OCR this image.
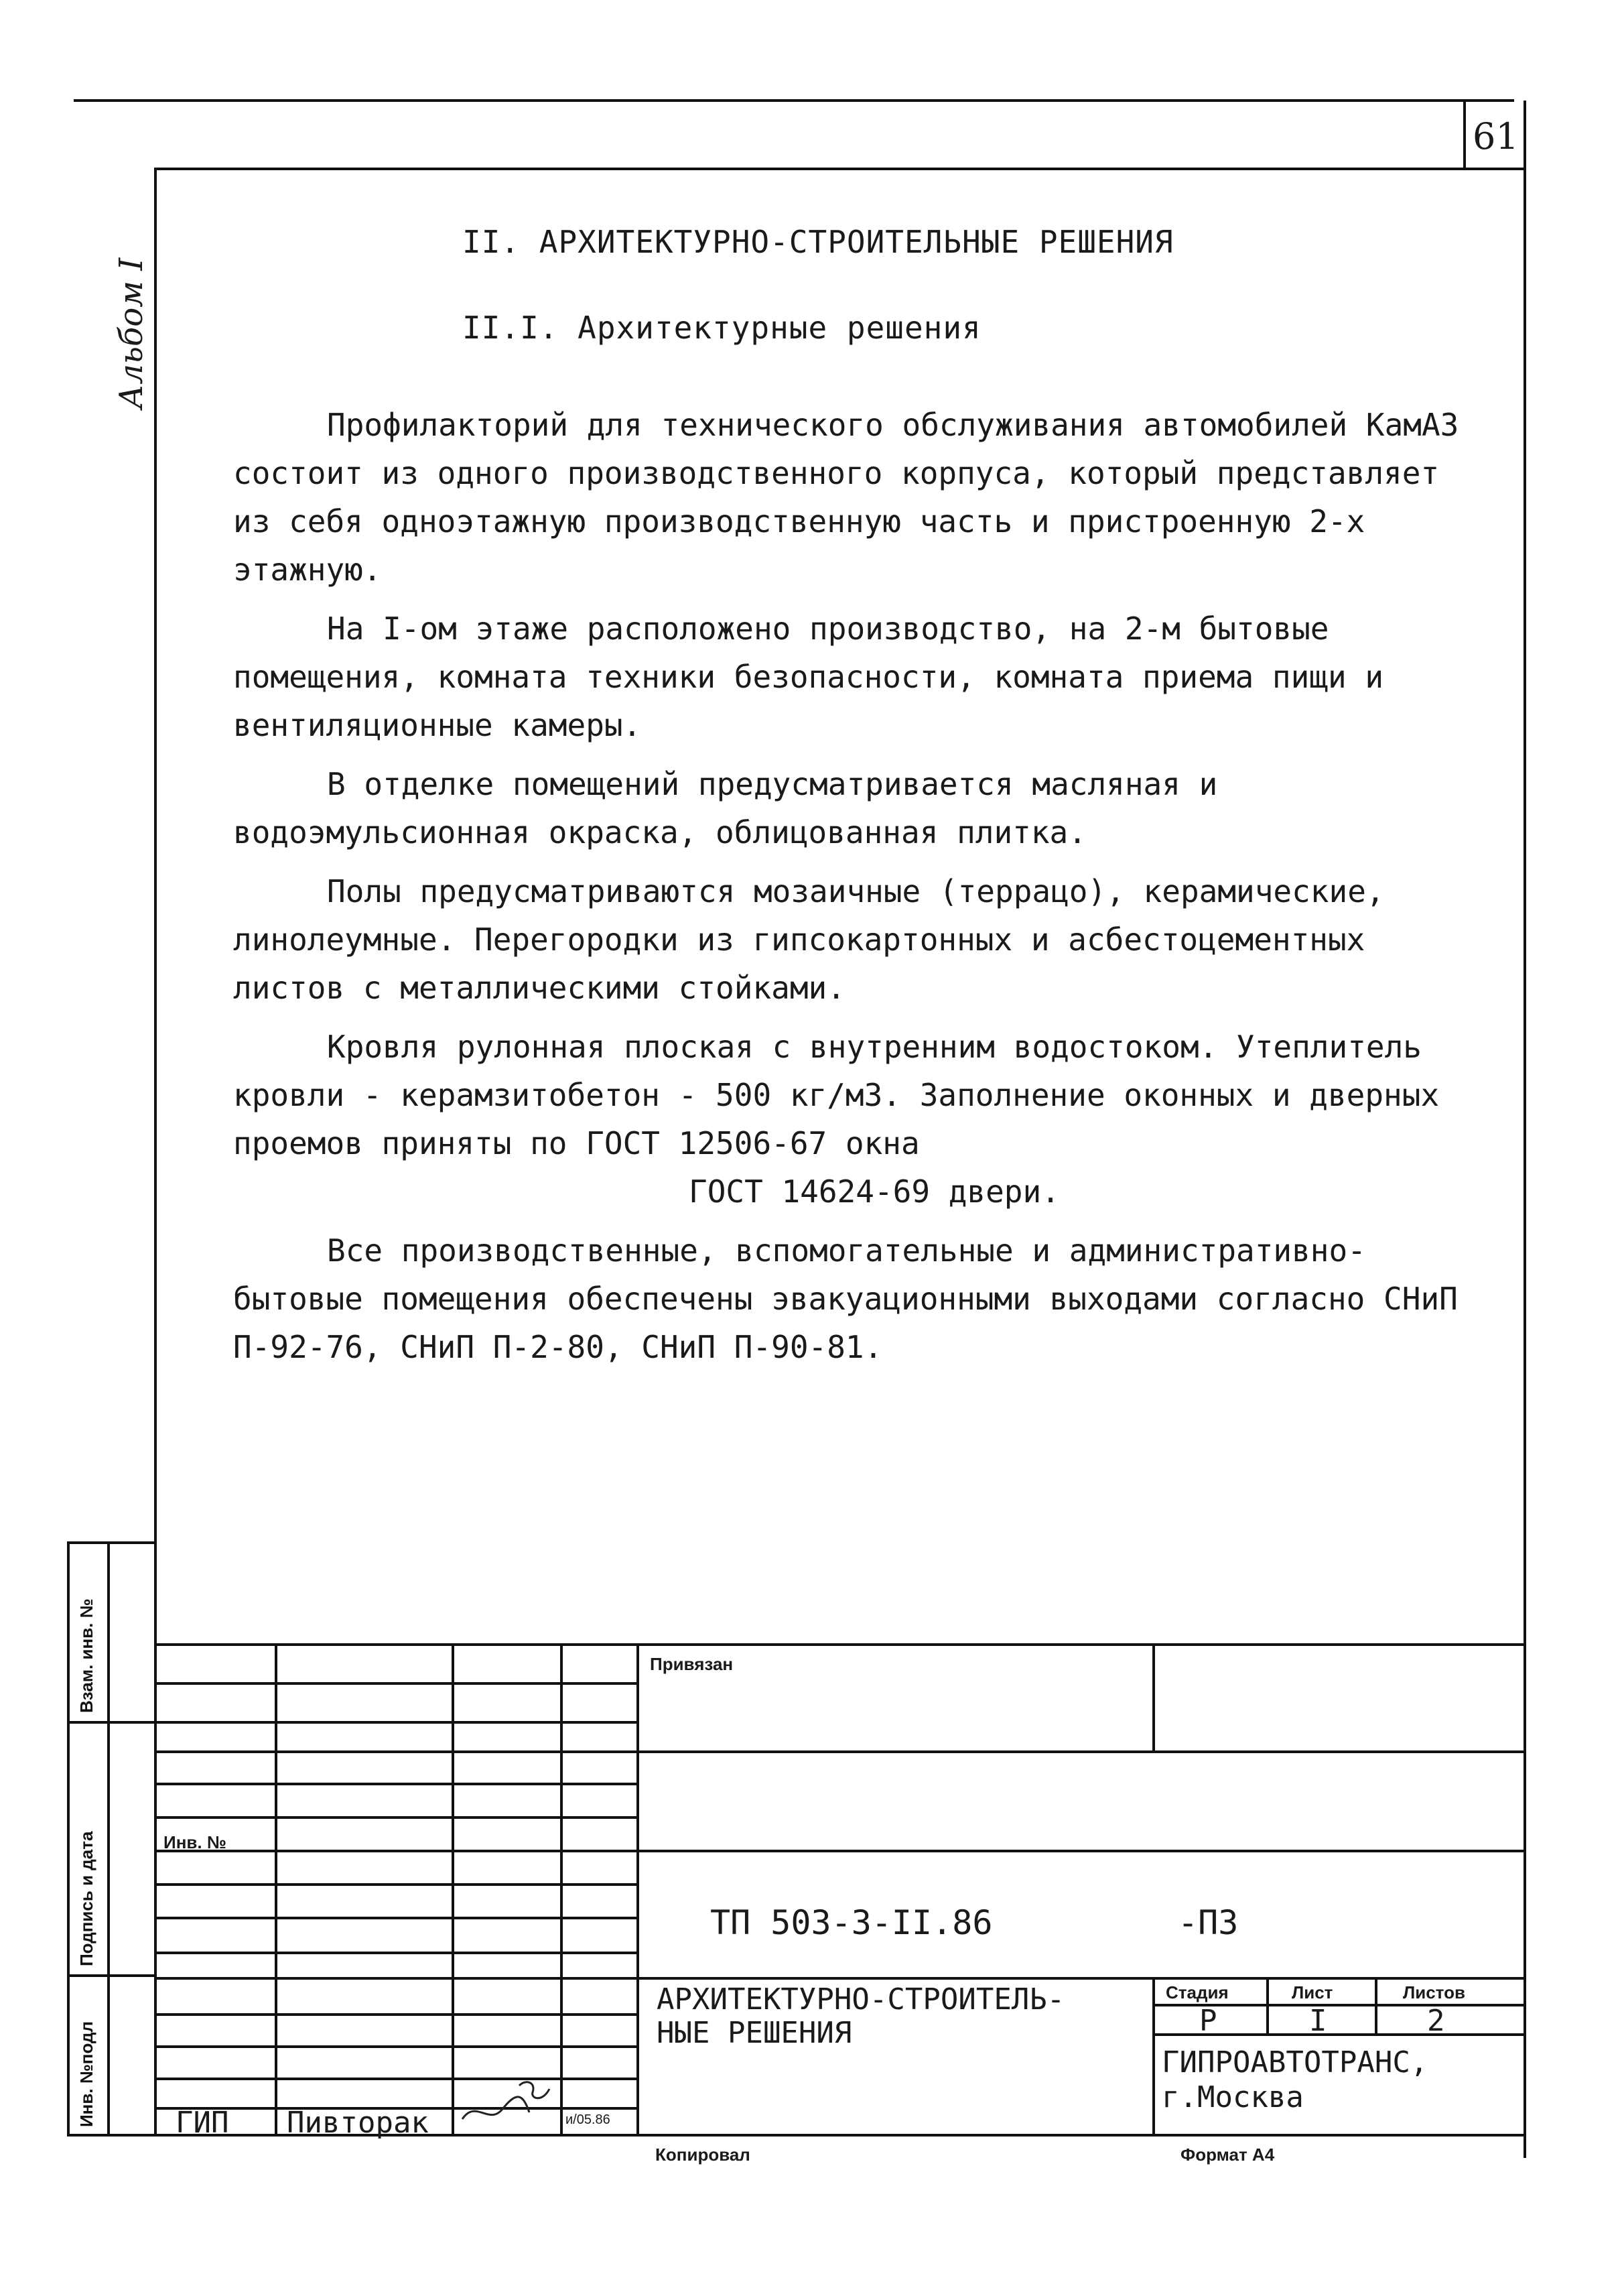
61
Альбом I
II. АРХИТЕКТУРНО-СТРОИТЕЛЬНЫЕ РЕШЕНИЯ
II.I. Архитектурные решения

Профилакторий для технического обслуживания автомобилей КамАЗ состоит из одного производственного корпуса, который представляет из себя одноэтажную производственную часть и пристроенную 2-х этажную.

На I-ом этаже расположено производство, на 2-м бытовые помещения, комната техники безопасности, комната приема пищи и вентиляционные камеры.

В отделке помещений предусматривается масляная и водоэмульсионная окраска, облицованная плитка.

Полы предусматриваются мозаичные (террацо), керамические, линолеумные. Перегородки из гипсокартонных и асбестоцементных листов с металлическими стойками.

Кровля рулонная плоская с внутренним водостоком. Утеплитель кровли - керамзитобетон - 500 кг/м3. Заполнение оконных и дверных проемов приняты по ГОСТ 12506-67 окна

ГОСТ 14624-69 двери.

Все производственные, вспомогательные и административно-бытовые помещения обеспечены эвакуационными выходами согласно СНиП П-92-76, СНиП П-2-80, СНиП П-90-81.

Взам. инв. №
Подпись и дата
Инв. №подл
Привязан
Инв. №
ТП 503-3-II.86	-ПЗ
АРХИТЕКТУРНО-СТРОИТЕЛЬ-
НЫЕ РЕШЕНИЯ
Стадия	Лист	Листов
Р	I	2
ГИПРОАВТОТРАНС,
г.Москва
ГИП Пивторак	и/05.86
Копировал	Формат А4
